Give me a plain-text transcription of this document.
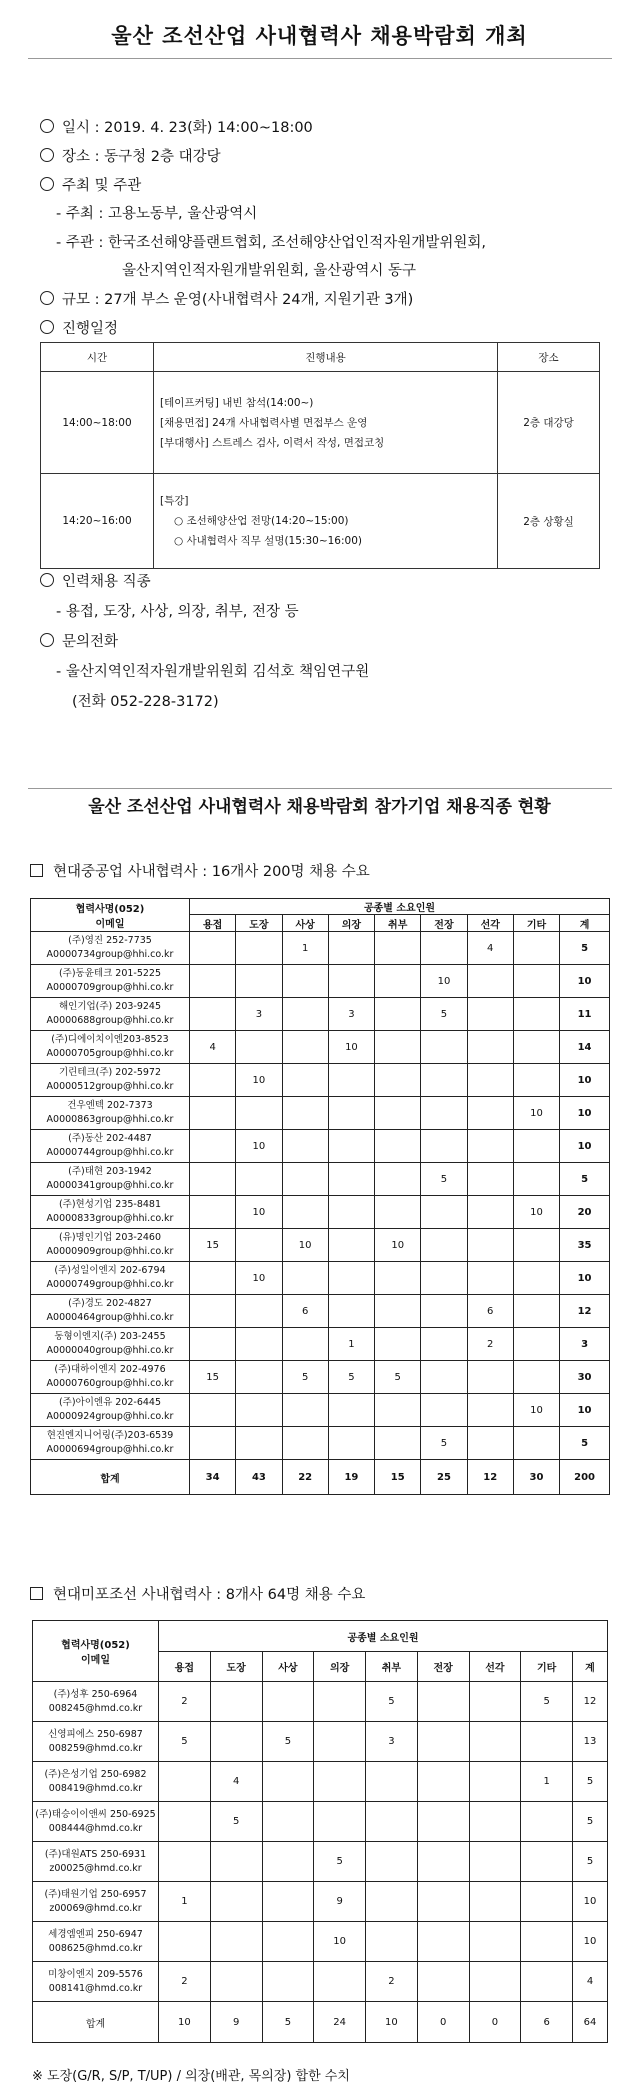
울산 조선산업 사내협력사 채용박람회 개최
일시 : 2019. 4. 23(화) 14:00~18:00
장소 : 동구청 2층 대강당
주최 및 주관
- 주최 : 고용노동부, 울산광역시
- 주관 : 한국조선해양플랜트협회, 조선해양산업인적자원개발위원회,
울산지역인적자원개발위원회, 울산광역시 동구
규모 : 27개 부스 운영(사내협력사 24개, 지원기관 3개)
진행일정
시간	진행내용	장소
14:00~18:00	[테이프커팅] 내빈 참석(14:00~)
[채용면접] 24개 사내협력사별 면접부스 운영
[부대행사] 스트레스 검사, 이력서 작성, 면접코칭	2층 대강당
14:20~16:00	[특강]
○ 조선해양산업 전망(14:20~15:00)
○ 사내협력사 직무 설명(15:30~16:00)	2층 상황실
인력채용 직종
- 용접, 도장, 사상, 의장, 취부, 전장 등
문의전화
- 울산지역인적자원개발위원회 김석호 책임연구원
(전화 052-228-3172)
울산 조선산업 사내협력사 채용박람회 참가기업 채용직종 현황
현대중공업 사내협력사 : 16개사 200명 채용 수요
협력사명(052)
이메일	공종별 소요인원								
	용접	도장	사상	의장	취부	전장	선각	기타	계

(주)영진 252-7735
A0000734group@hhi.co.kr			1				4		5

(주)동윤테크 201-5225
A0000709group@hhi.co.kr						10			10

해인기업(주) 203-9245
A0000688group@hhi.co.kr		3		3		5			11

(주)디에이치이엔203-8523
A0000705group@hhi.co.kr	4			10					14

기린테크(주) 202-5972
A0000512group@hhi.co.kr		10							10

건우엔텍 202-7373
A0000863group@hhi.co.kr								10	10

(주)동산 202-4487
A0000744group@hhi.co.kr		10							10

(주)태현 203-1942
A0000341group@hhi.co.kr						5			5

(주)현성기업 235-8481
A0000833group@hhi.co.kr		10						10	20

(유)명인기업 203-2460
A0000909group@hhi.co.kr	15		10		10				35

(주)성일이엔지 202-6794
A0000749group@hhi.co.kr		10							10

(주)경도 202-4827
A0000464group@hhi.co.kr			6				6		12

동형이엔지(주) 203-2455
A0000040group@hhi.co.kr				1			2		3

(주)대하이엔지 202-4976
A0000760group@hhi.co.kr	15		5	5	5				30

(주)아이엔유 202-6445
A0000924group@hhi.co.kr								10	10

현진엔지니어링(주)203-6539
A0000694group@hhi.co.kr						5			5
합계	34	43	22	19	15	25	12	30	200
현대미포조선 사내협력사 : 8개사 64명 채용 수요
협력사명(052)
이메일	공종별 소요인원								
	용접	도장	사상	의장	취부	전장	선각	기타	계

(주)성후 250-6964
008245@hmd.co.kr	2				5			5	12

신영피에스 250-6987
008259@hmd.co.kr	5		5		3				13

(주)은성기업 250-6982
008419@hmd.co.kr		4						1	5

(주)태승이이앤씨 250-6925
008444@hmd.co.kr		5							5

(주)대원ATS 250-6931
z00025@hmd.co.kr				5					5

(주)태원기업 250-6957
z00069@hmd.co.kr	1			9					10

세경엠엔피 250-6947
008625@hmd.co.kr				10					10

미창이엔지 209-5576
008141@hmd.co.kr	2				2				4
합계	10	9	5	24	10	0	0	6	64
※ 도장(G/R, S/P, T/UP) / 의장(배관, 목의장) 합한 수치
